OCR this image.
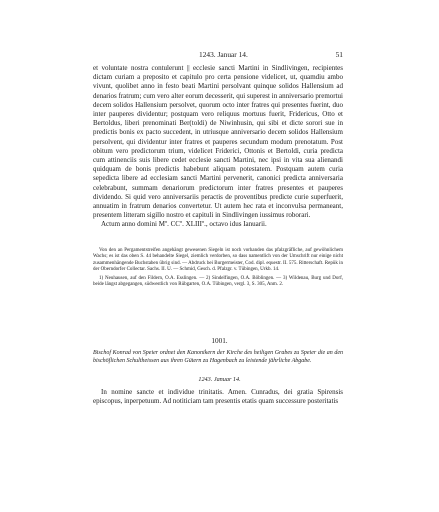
1243. Januar 14.	51

et voluntate nostra contulerunt || ecclesie sancti Martini in Sindlivingen, recipientes dictam curiam a preposito et capitulo pro certa pensione videlicet, ut, quamdiu ambo vivunt, quolibet anno in festo beati Martini persolvant quinque solidos Hallensium ad denarios fratrum; cum vero alter eorum decesserit, qui superest in anniversario premortui decem solidos Hallensium persolvet, quorum octo inter fratres qui presentes fuerint, duo inter pauperes dividentur; postquam vero reliquus mortuus fuerit, Fridericus, Otto et Bertoldus, liberi prenominati Ber(toldi) de Niwinhusin, qui sibi et dicte sorori sue in predictis bonis ex pacto succedent, in utriusque anniversario decem solidos Hallensium persolvent, qui dividentur inter fratres et pauperes secundum modum prenotatum. Post obitum vero predictorum trium, videlicet Friderici, Ottonis et Bertoldi, curia predicta cum attinenciis suis libere cedet ecclesie sancti Martini, nec ipsi in vita sua alienandi quidquam de bonis predictis habebunt aliquam potestatem. Postquam autem curia sepedicta libere ad ecclesiam sancti Martini pervenerit, canonici predicta anniversaria celebrabunt, summam denariorum predictorum inter fratres presentes et pauperes dividendo. Si quid vero anniversariis peractis de proventibus predicte curie superfuerit, annuatim in fratrum denarios convertetur. Ut autem hec rata et inconvulsa permaneant, presentem litteram sigillo nostro et capituli in Sindlivingen iussimus roborari.

Actum anno domini Mº. CCº. XLIIIº., octavo idus Ianuarii.

Von den an Pergamentstreifen angehängt gewesenen Siegeln ist noch vorhanden das pfalzgräfliche, auf gewöhnlichem Wachs; es ist das oben S. 44 behandelte Siegel, ziemlich verdorben, so dass namentlich von der Umschrift nur einige nicht zusammenhängende Buchstaben übrig sind. — Abdruck bei Burgermeister, Cod. dipl. equestr. II. 575. Ritterschaft. Repük in der Oberndorfer Collectar. Sachs. II. U. — Schmid, Gesch. d. Pfalzgr. v. Tübingen, Urkb. 14.

1) Neuhausen, auf den Fildern, O.A. Esslingen. — 2) Sindelfingen, O.A. Böblingen. — 3) Wildenau, Burg und Dorf, beide längst abgegangen, südwestlich von Rübgarten, O.A. Tübingen, vergl. 3, S. 305, Anm. 2.

1001.
Bischof Konrad von Speier ordnet den Kanonikern der Kirche des heiligen Grabes zu Speier die an den bischöflichen Schultheissen aus ihren Gütern zu Hagenbach zu leistende jährliche Abgabe.
1243. Januar 14.

In nomine sancte et individue trinitatis. Amen. Cunradus, dei gratia Spirensis episcopus, inperpetuum. Ad notiticiam tam presentis etatis quam successure posteritatis
